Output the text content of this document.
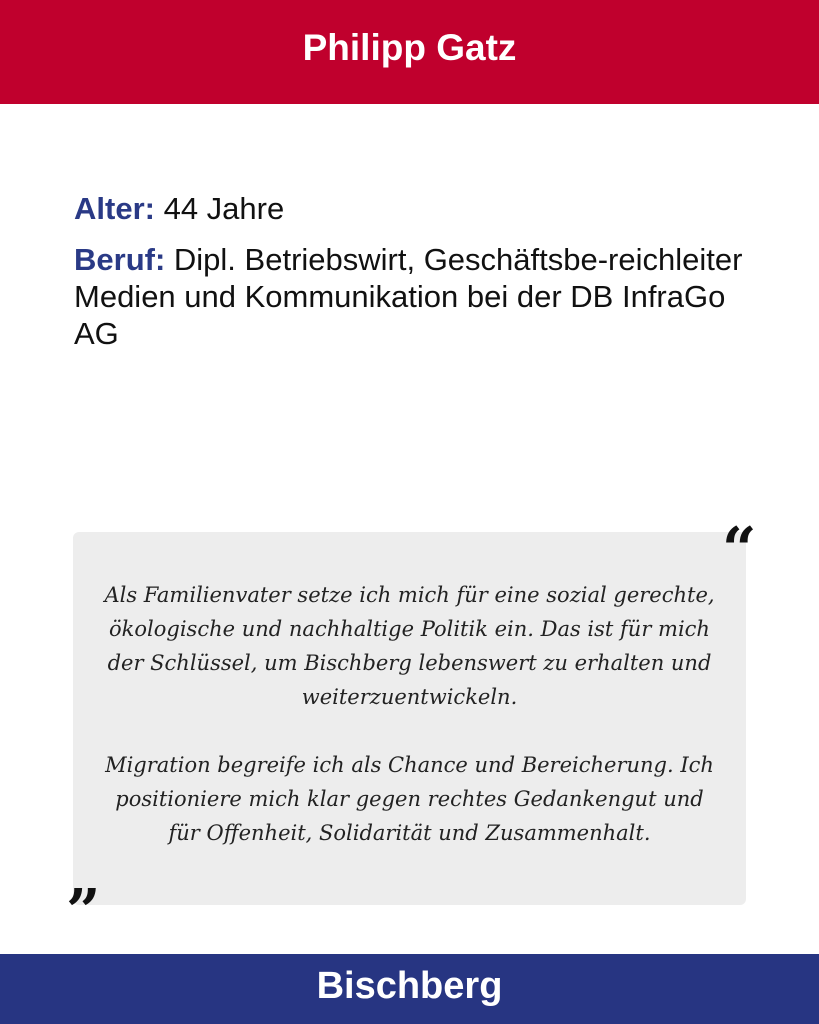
Philipp Gatz

Alter: 44 Jahre

Beruf: Dipl. Betriebswirt, Geschäftsbe-reichleiter Medien und Kommunikation bei der DB InfraGo AG

Als Familienvater setze ich mich für eine sozial gerechte, ökologische und nachhaltige Politik ein. Das ist für mich der Schlüssel, um Bischberg lebenswert zu erhalten und weiterzuentwickeln.

Migration begreife ich als Chance und Bereicherung. Ich positioniere mich klar gegen rechtes Gedankengut und für Offenheit, Solidarität und Zusammenhalt.

“
”
Bischberg
